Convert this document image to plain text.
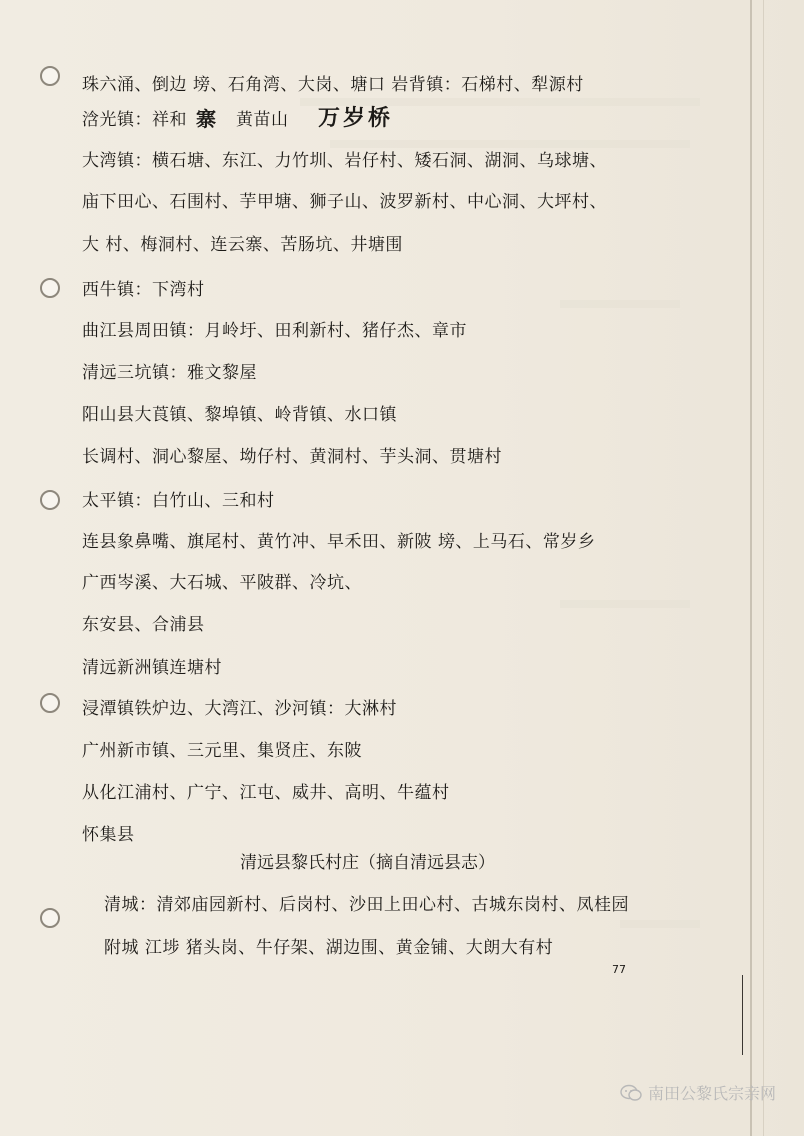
珠六涌、倒边 塝、石角湾、大岗、塘口 岩背镇：石梯村、犁源村
浛光镇：祥和 寨 黄苗山 万岁桥
大湾镇：横石塘、东江、力竹圳、岩仔村、矮石洞、湖洞、乌球塘、
庙下田心、石围村、芋甲塘、狮子山、波罗新村、中心洞、大坪村、
大 村、梅洞村、连云寨、苦肠坑、井塘围
西牛镇：下湾村
曲江县周田镇：月岭圩、田利新村、猪仔杰、章市
清远三坑镇：雅文黎屋
阳山县大莨镇、黎埠镇、岭背镇、水口镇
长调村、洞心黎屋、坳仔村、黄洞村、芋头洞、贯塘村
太平镇：白竹山、三和村
连县象鼻嘴、旗尾村、黄竹冲、早禾田、新陂 塝、上马石、常岁乡
广西岑溪、大石城、平陂群、冷坑、
东安县、合浦县
清远新洲镇连塘村
浸潭镇铁炉边、大湾江、沙河镇：大淋村
广州新市镇、三元里、集贤庄、东陂
从化江浦村、广宁、江屯、威井、高明、牛蕴村
怀集县
清远县黎氏村庄（摘自清远县志）
清城：清郊庙园新村、后岗村、沙田上田心村、古城东岗村、凤桂园
附城 江埗 猪头岗、牛仔架、湖边围、黄金铺、大朗大有村
77
南田公黎氏宗亲网
